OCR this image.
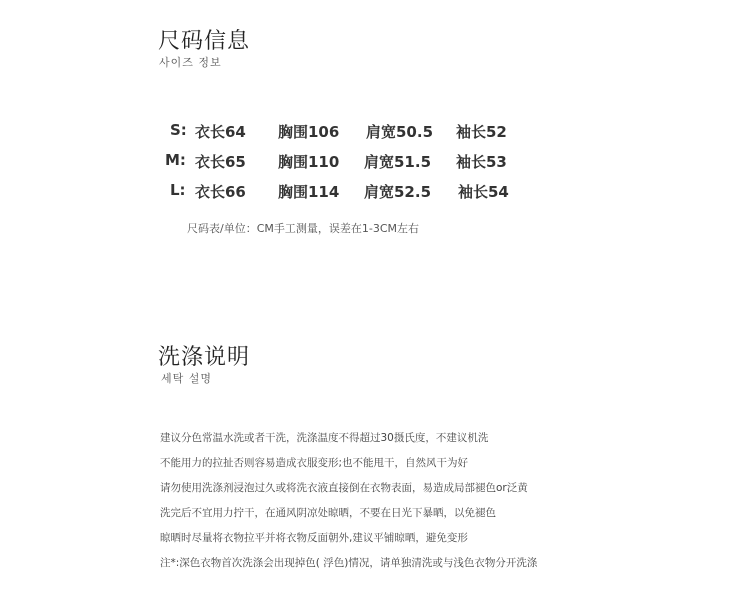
尺码信息
사이즈 정보
S: 衣长64 胸围106 肩宽50.5 袖长52
M: 衣长65 胸围110 肩宽51.5 袖长53
L: 衣长66 胸围114 肩宽52.5 袖长54
尺码表/单位：CM手工测量，误差在1-3CM左右
洗涤说明
세탁 설명
建议分色常温水洗或者干洗，洗涤温度不得超过30摄氏度，不建议机洗
不能用力的拉扯否则容易造成衣服变形;也不能甩干，自然风干为好
请勿使用洗涤剂浸泡过久或将洗衣液直接倒在衣物表面，易造成局部褪色or泛黄
洗完后不宜用力拧干，在通风阴凉处晾晒，不要在日光下暴晒，以免褪色
晾晒时尽量将衣物拉平并将衣物反面朝外,建议平铺晾晒，避免变形
注*:深色衣物首次洗涤会出现掉色( 浮色)情况，请单独清洗或与浅色衣物分开洗涤
